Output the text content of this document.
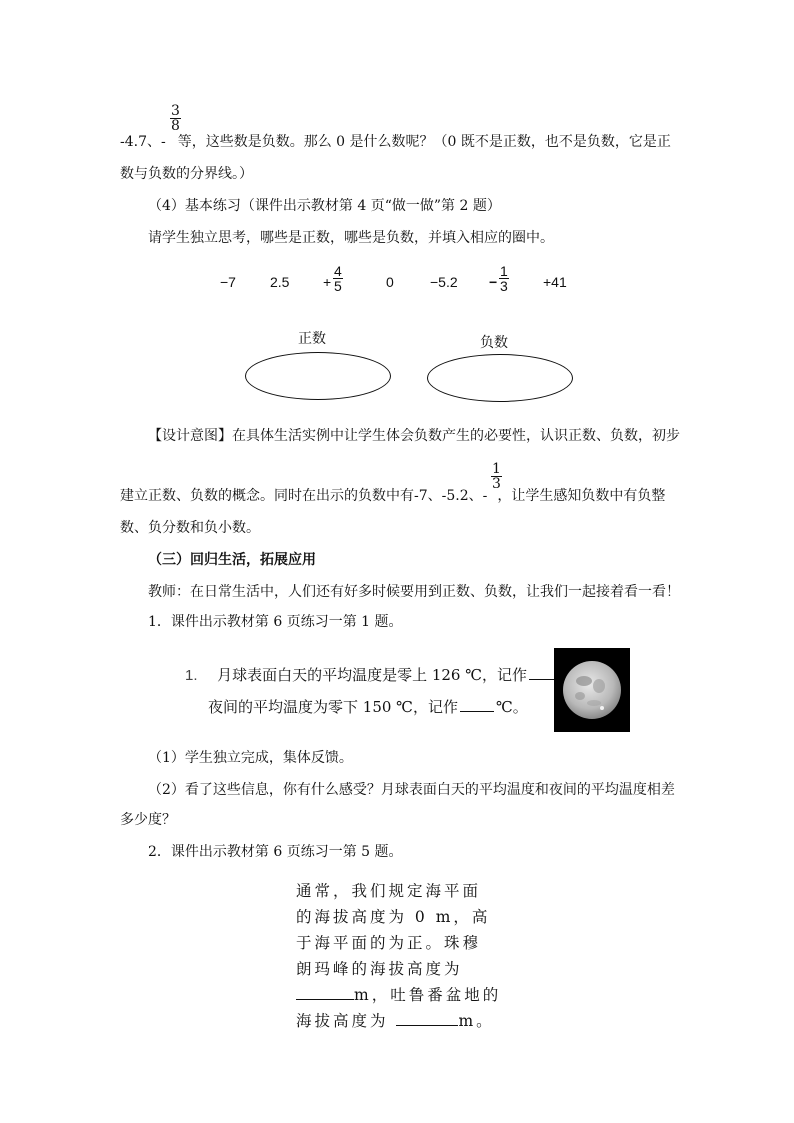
$\frac{3}{8}$
-4.7、- 等，这些数是负数。那么 0 是什么数呢？（0 既不是正数，也不是负数，它是正
数与负数的分界线。）
（4）基本练习（课件出示教材第 4 页“做一做”第 2 题）
请学生独立思考，哪些是正数，哪些是负数，并填入相应的圈中。
−7 $2.5 + \frac{4}{5}$	0	$-5.2 - \frac{1}{3} +41$
正数	负数
【设计意图】在具体生活实例中让学生体会负数产生的必要性，认识正数、负数，初步
$\frac{1}{3}$
建立正数、负数的概念。同时在出示的负数中有-7、-5.2、- ，让学生感知负数中有负整
数、负分数和负小数。
（三）回归生活，拓展应用
教师：在日常生活中，人们还有好多时候要用到正数、负数，让我们一起接着看一看！
1．课件出示教材第 6 页练习一第 1 题。
1. 月球表面白天的平均温度是零上 126 ℃，记作
夜间的平均温度为零下 150 ℃，记作	℃。
（1）学生独立完成，集体反馈。
（2）看了这些信息，你有什么感受？月球表面白天的平均温度和夜间的平均温度相差
多少度？
2．课件出示教材第 6 页练习一第 5 题。
通常，我们规定海平面
的海拔高度为 0 m，高
于海平面的为正。珠穆
朗玛峰的海拔高度为
m，吐鲁番盆地的
海拔高度为	m。
